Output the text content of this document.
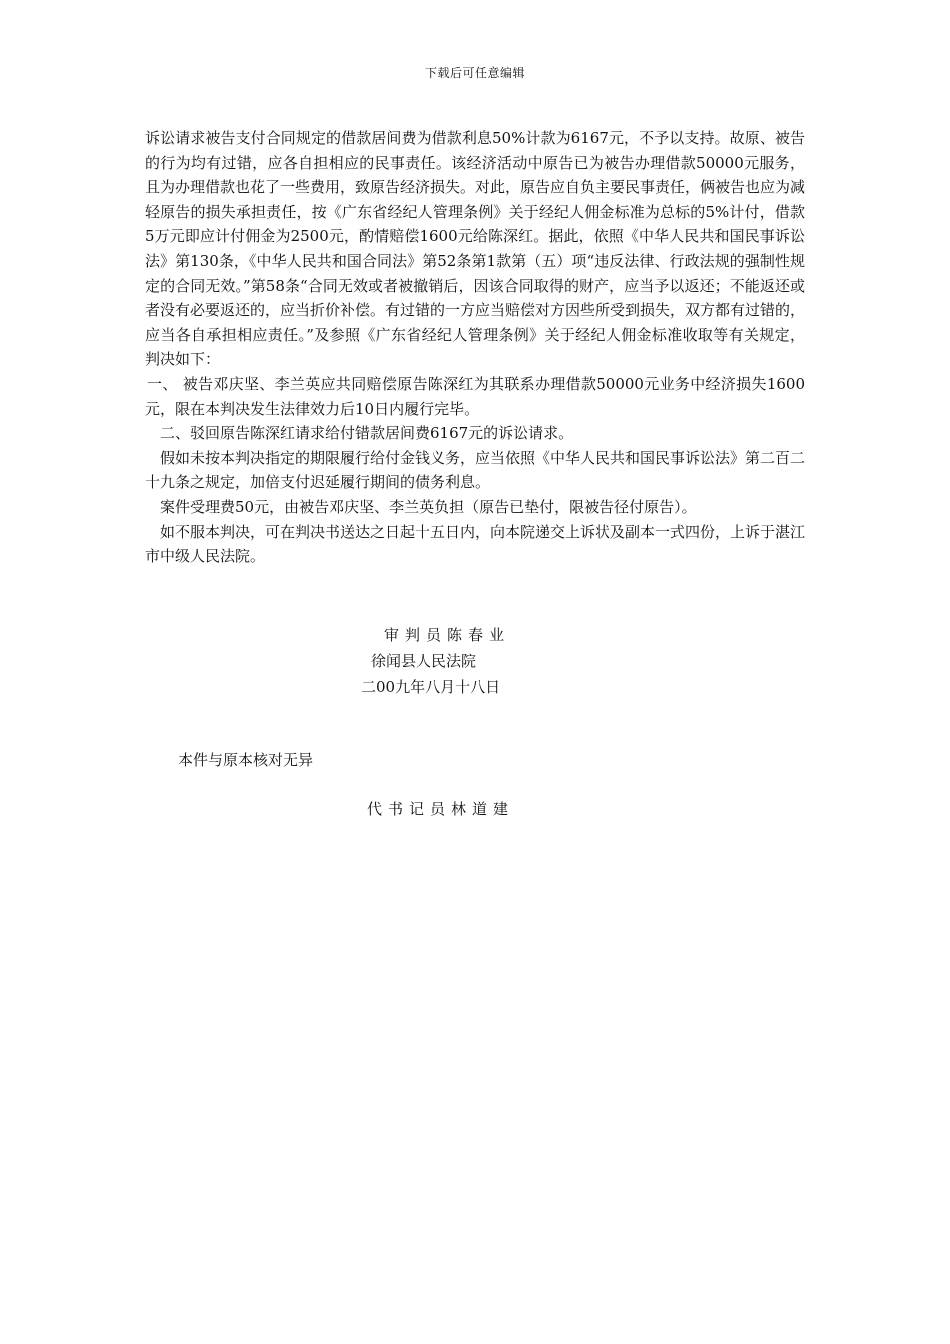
下载后可任意编辑

诉讼请求被告支付合同规定的借款居间费为借款利息50%计款为6167元，不予以支持。故原、被告的行为均有过错，应各自担相应的民事责任。该经济活动中原告已为被告办理借款50000元服务，且为办理借款也花了一些费用，致原告经济损失。对此，原告应自负主要民事责任，俩被告也应为减轻原告的损失承担责任，按《广东省经纪人管理条例》关于经纪人佣金标准为总标的5%计付，借款5万元即应计付佣金为2500元，酌情赔偿1600元给陈深红。据此，依照《中华人民共和国民事诉讼法》第130条，《中华人民共和国合同法》第52条第1款第（五）项“违反法律、行政法规的强制性规定的合同无效。”第58条“合同无效或者被撤销后，因该合同取得的财产，应当予以返还；不能返还或者没有必要返还的，应当折价补偿。有过错的一方应当赔偿对方因些所受到损失，双方都有过错的，应当各自承担相应责任。”及参照《广东省经纪人管理条例》关于经纪人佣金标准收取等有关规定，判决如下：

一、 被告邓庆坚、李兰英应共同赔偿原告陈深红为其联系办理借款50000元业务中经济损失1600元，限在本判决发生法律效力后10日内履行完毕。

二、驳回原告陈深红请求给付错款居间费6167元的诉讼请求。

假如未按本判决指定的期限履行给付金钱义务，应当依照《中华人民共和国民事诉讼法》第二百二十九条之规定，加倍支付迟延履行期间的债务利息。

案件受理费50元，由被告邓庆坚、李兰英负担（原告已垫付，限被告径付原告）。

如不服本判决，可在判决书送达之日起十五日内，向本院递交上诉状及副本一式四份，上诉于湛江市中级人民法院。

审判员陈春业
徐闻县人民法院
二00九年八月十八日
本件与原本核对无异
代书记员林道建
